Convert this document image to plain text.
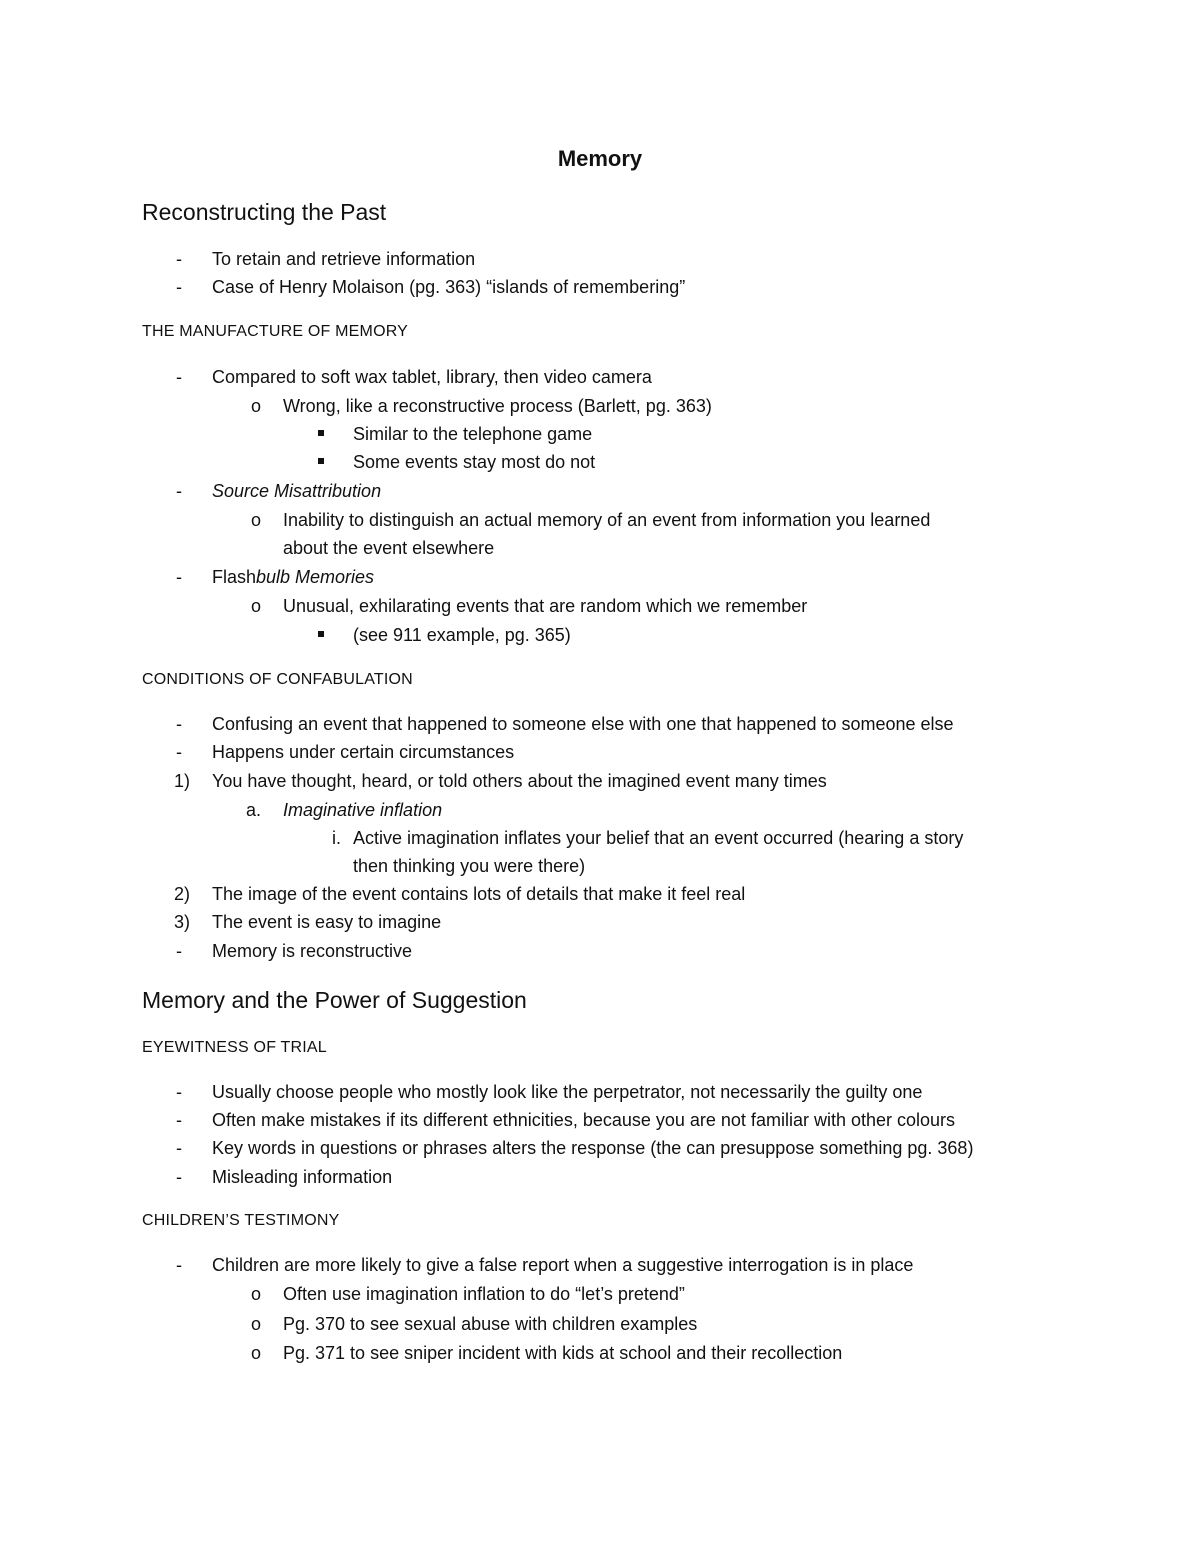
Memory
Reconstructing the Past
- To retain and retrieve information
- Case of Henry Molaison (pg. 363) “islands of remembering”
THE MANUFACTURE OF MEMORY
- Compared to soft wax tablet, library, then video camera
o Wrong, like a reconstructive process (Barlett, pg. 363)
Similar to the telephone game
Some events stay most do not
- Source Misattribution
o Inability to distinguish an actual memory of an event from information you learned
about the event elsewhere
- Flashbulb Memories
o Unusual, exhilarating events that are random which we remember
(see 911 example, pg. 365)
CONDITIONS OF CONFABULATION
- Confusing an event that happened to someone else with one that happened to someone else
- Happens under certain circumstances
1) You have thought, heard, or told others about the imagined event many times
a. Imaginative inflation
i. Active imagination inflates your belief that an event occurred (hearing a story
then thinking you were there)
2) The image of the event contains lots of details that make it feel real
3) The event is easy to imagine
- Memory is reconstructive
Memory and the Power of Suggestion
EYEWITNESS OF TRIAL
- Usually choose people who mostly look like the perpetrator, not necessarily the guilty one
- Often make mistakes if its different ethnicities, because you are not familiar with other colours
- Key words in questions or phrases alters the response (the can presuppose something pg. 368)
- Misleading information
CHILDREN’S TESTIMONY
- Children are more likely to give a false report when a suggestive interrogation is in place
o Often use imagination inflation to do “let’s pretend”
o Pg. 370 to see sexual abuse with children examples
o Pg. 371 to see sniper incident with kids at school and their recollection
